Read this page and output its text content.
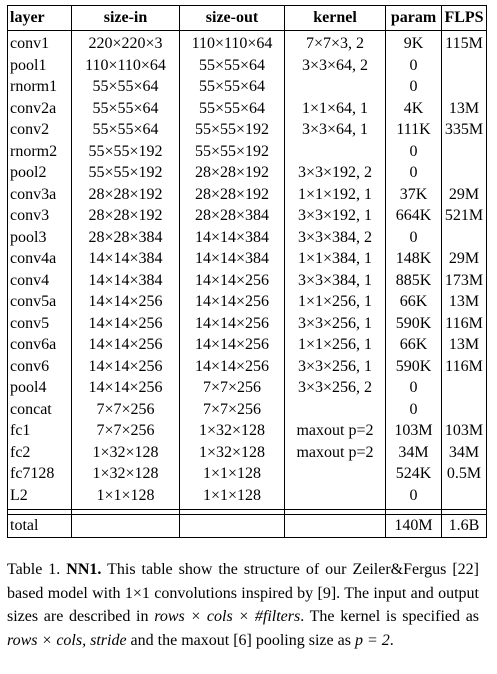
layer	size-in	size-out	kernel	param	FLPS
conv1	220×220×3	110×110×64	7×7×3, 2	9K	115M
pool1	110×110×64	55×55×64	3×3×64, 2	0	
rnorm1	55×55×64	55×55×64		0	
conv2a	55×55×64	55×55×64	1×1×64, 1	4K	13M
conv2	55×55×64	55×55×192	3×3×64, 1	111K	335M
rnorm2	55×55×192	55×55×192		0	
pool2	55×55×192	28×28×192	3×3×192, 2	0	
conv3a	28×28×192	28×28×192	1×1×192, 1	37K	29M
conv3	28×28×192	28×28×384	3×3×192, 1	664K	521M
pool3	28×28×384	14×14×384	3×3×384, 2	0	
conv4a	14×14×384	14×14×384	1×1×384, 1	148K	29M
conv4	14×14×384	14×14×256	3×3×384, 1	885K	173M
conv5a	14×14×256	14×14×256	1×1×256, 1	66K	13M
conv5	14×14×256	14×14×256	3×3×256, 1	590K	116M
conv6a	14×14×256	14×14×256	1×1×256, 1	66K	13M
conv6	14×14×256	14×14×256	3×3×256, 1	590K	116M
pool4	14×14×256	7×7×256	3×3×256, 2	0	
concat	7×7×256	7×7×256		0	
fc1	7×7×256	1×32×128	maxout p=2	103M	103M
fc2	1×32×128	1×32×128	maxout p=2	34M	34M
fc7128	1×32×128	1×1×128		524K	0.5M
L2	1×1×128	1×1×128		0	

total				140M	1.6B
Table 1. NN1. This table show the structure of our Zeiler&Fergus [22] based model with 1×1 convolutions inspired by [9]. The input and output sizes are described in rows × cols × #filters. The kernel is specified as rows × cols, stride and the maxout [6] pooling size as p = 2.
